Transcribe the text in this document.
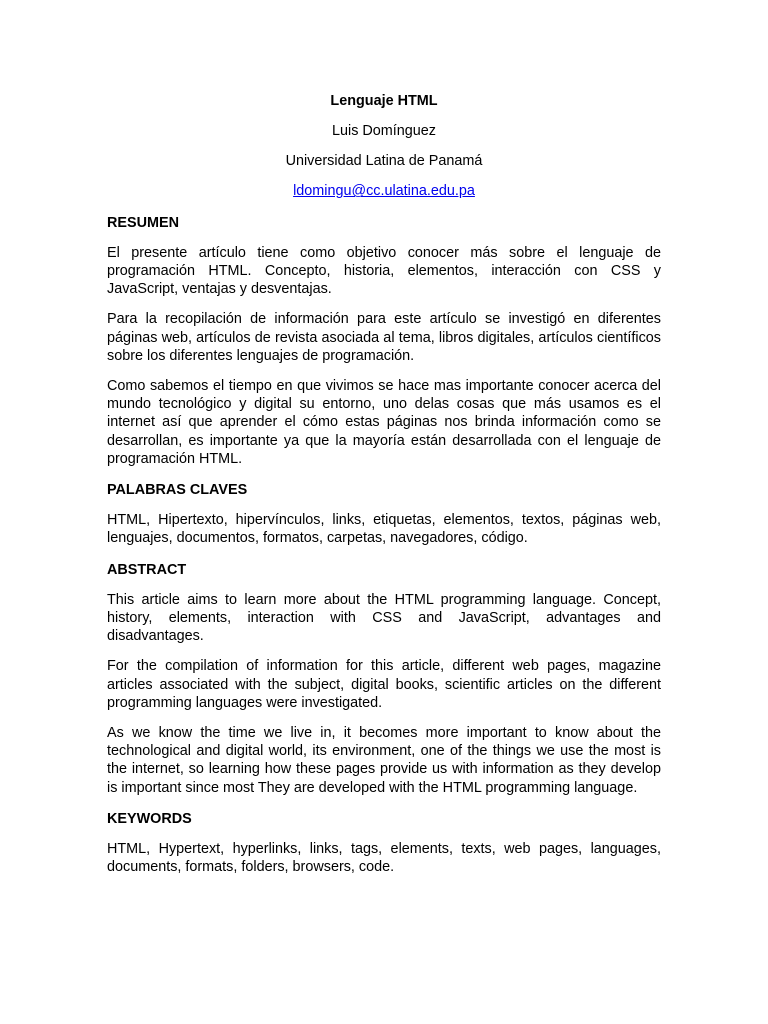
Lenguaje HTML
Luis Domínguez
Universidad Latina de Panamá
ldomingu@cc.ulatina.edu.pa
RESUMEN

El presente artículo tiene como objetivo conocer más sobre el lenguaje de programación HTML. Concepto, historia, elementos, interacción con CSS y JavaScript, ventajas y desventajas.

Para la recopilación de información para este artículo se investigó en diferentes páginas web, artículos de revista asociada al tema, libros digitales, artículos científicos sobre los diferentes lenguajes de programación.

Como sabemos el tiempo en que vivimos se hace mas importante conocer acerca del mundo tecnológico y digital su entorno, uno delas cosas que más usamos es el internet así que aprender el cómo estas páginas nos brinda información como se desarrollan, es importante ya que la mayoría están desarrollada con el lenguaje de programación HTML.

PALABRAS CLAVES

HTML, Hipertexto, hipervínculos, links, etiquetas, elementos, textos, páginas web, lenguajes, documentos, formatos, carpetas, navegadores, código.

ABSTRACT

This article aims to learn more about the HTML programming language. Concept, history, elements, interaction with CSS and JavaScript, advantages and disadvantages.

For the compilation of information for this article, different web pages, magazine articles associated with the subject, digital books, scientific articles on the different programming languages were investigated.

As we know the time we live in, it becomes more important to know about the technological and digital world, its environment, one of the things we use the most is the internet, so learning how these pages provide us with information as they develop is important since most They are developed with the HTML programming language.

KEYWORDS

HTML, Hypertext, hyperlinks, links, tags, elements, texts, web pages, languages, documents, formats, folders, browsers, code.
